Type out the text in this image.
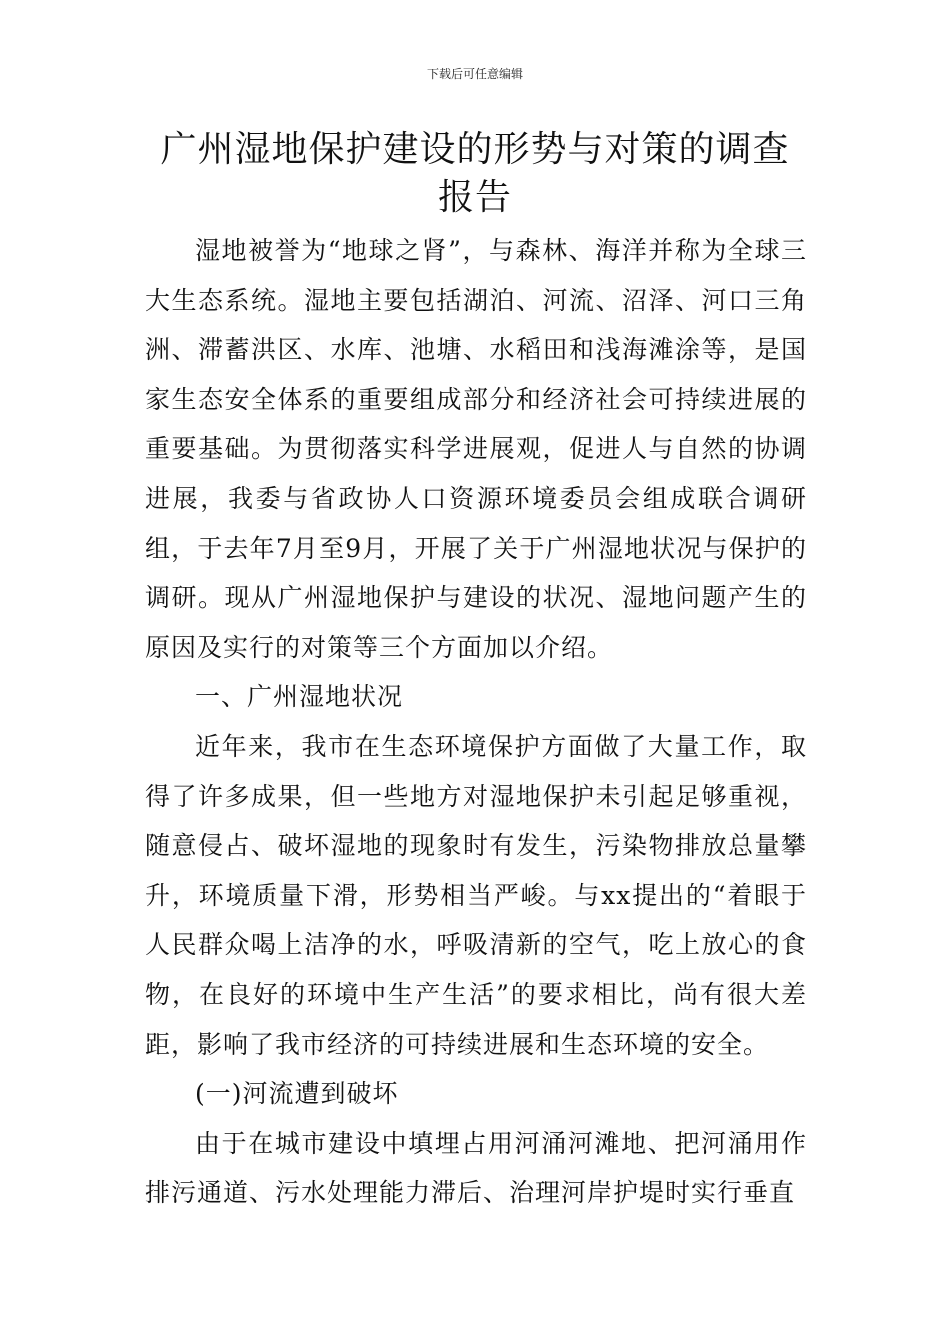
下载后可任意编辑
广州湿地保护建设的形势与对策的调查报告

湿地被誉为“地球之肾”，与森林、海洋并称为全球三大生态系统。湿地主要包括湖泊、河流、沼泽、河口三角洲、滞蓄洪区、水库、池塘、水稻田和浅海滩涂等，是国家生态安全体系的重要组成部分和经济社会可持续进展的重要基础。为贯彻落实科学进展观，促进人与自然的协调进展，我委与省政协人口资源环境委员会组成联合调研组，于去年7月至9月，开展了关于广州湿地状况与保护的调研。现从广州湿地保护与建设的状况、湿地问题产生的原因及实行的对策等三个方面加以介绍。

一、广州湿地状况

近年来，我市在生态环境保护方面做了大量工作，取得了许多成果，但一些地方对湿地保护未引起足够重视，随意侵占、破坏湿地的现象时有发生，污染物排放总量攀升，环境质量下滑，形势相当严峻。与xx提出的“着眼于人民群众喝上洁净的水，呼吸清新的空气，吃上放心的食物，在良好的环境中生产生活”的要求相比，尚有很大差距，影响了我市经济的可持续进展和生态环境的安全。

(一)河流遭到破坏

由于在城市建设中填埋占用河涌河滩地、把河涌用作排污通道、污水处理能力滞后、治理河岸护堤时实行垂直
